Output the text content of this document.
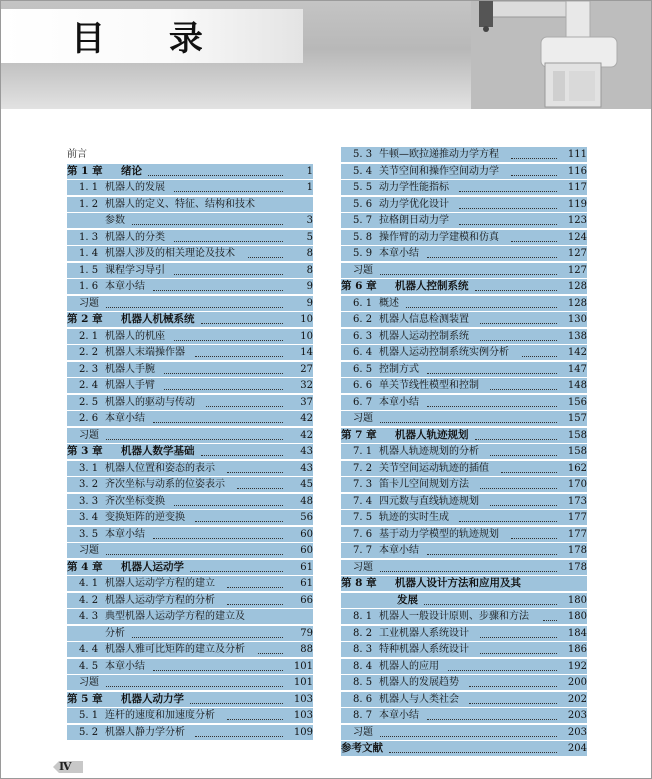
目 录
前言
第 1 章 绪论	1
1. 1 机器人的发展	1
1. 2 机器人的定义、特征、结构和技术
参数	3
1. 3 机器人的分类	5
1. 4 机器人涉及的相关理论及技术	8
1. 5 课程学习导引	8
1. 6 本章小结	9
习题	9
第 2 章 机器人机械系统	10
2. 1 机器人的机座	10
2. 2 机器人末端操作器	14
2. 3 机器人手腕	27
2. 4 机器人手臂	32
2. 5 机器人的驱动与传动	37
2. 6 本章小结	42
习题	42
第 3 章 机器人数学基础	43
3. 1 机器人位置和姿态的表示	43
3. 2 齐次坐标与动系的位姿表示	45
3. 3 齐次坐标变换	48
3. 4 变换矩阵的逆变换	56
3. 5 本章小结	60
习题	60
第 4 章 机器人运动学	61
4. 1 机器人运动学方程的建立	61
4. 2 机器人运动学方程的分析	66
4. 3 典型机器人运动学方程的建立及
分析	79
4. 4 机器人雅可比矩阵的建立及分析	88
4. 5 本章小结	101
习题	101
第 5 章 机器人动力学	103
5. 1 连杆的速度和加速度分析	103
5. 2 机器人静力学分析	109
5. 3 牛顿—欧拉递推动力学方程	111
5. 4 关节空间和操作空间动力学	116
5. 5 动力学性能指标	117
5. 6 动力学优化设计	119
5. 7 拉格朗日动力学	123
5. 8 操作臂的动力学建模和仿真	124
5. 9 本章小结	127
习题	127
第 6 章 机器人控制系统	128
6. 1 概述	128
6. 2 机器人信息检测装置	130
6. 3 机器人运动控制系统	138
6. 4 机器人运动控制系统实例分析	142
6. 5 控制方式	147
6. 6 单关节线性模型和控制	148
6. 7 本章小结	156
习题	157
第 7 章 机器人轨迹规划	158
7. 1 机器人轨迹规划的分析	158
7. 2 关节空间运动轨迹的插值	162
7. 3 笛卡儿空间规划方法	170
7. 4 四元数与直线轨迹规划	173
7. 5 轨迹的实时生成	177
7. 6 基于动力学模型的轨迹规划	177
7. 7 本章小结	178
习题	178
第 8 章 机器人设计方法和应用及其
发展	180
8. 1 机器人一般设计原则、步骤和方法	180
8. 2 工业机器人系统设计	184
8. 3 特种机器人系统设计	186
8. 4 机器人的应用	192
8. 5 机器人的发展趋势	200
8. 6 机器人与人类社会	202
8. 7 本章小结	203
习题	203
参考文献	204
Ⅳ
